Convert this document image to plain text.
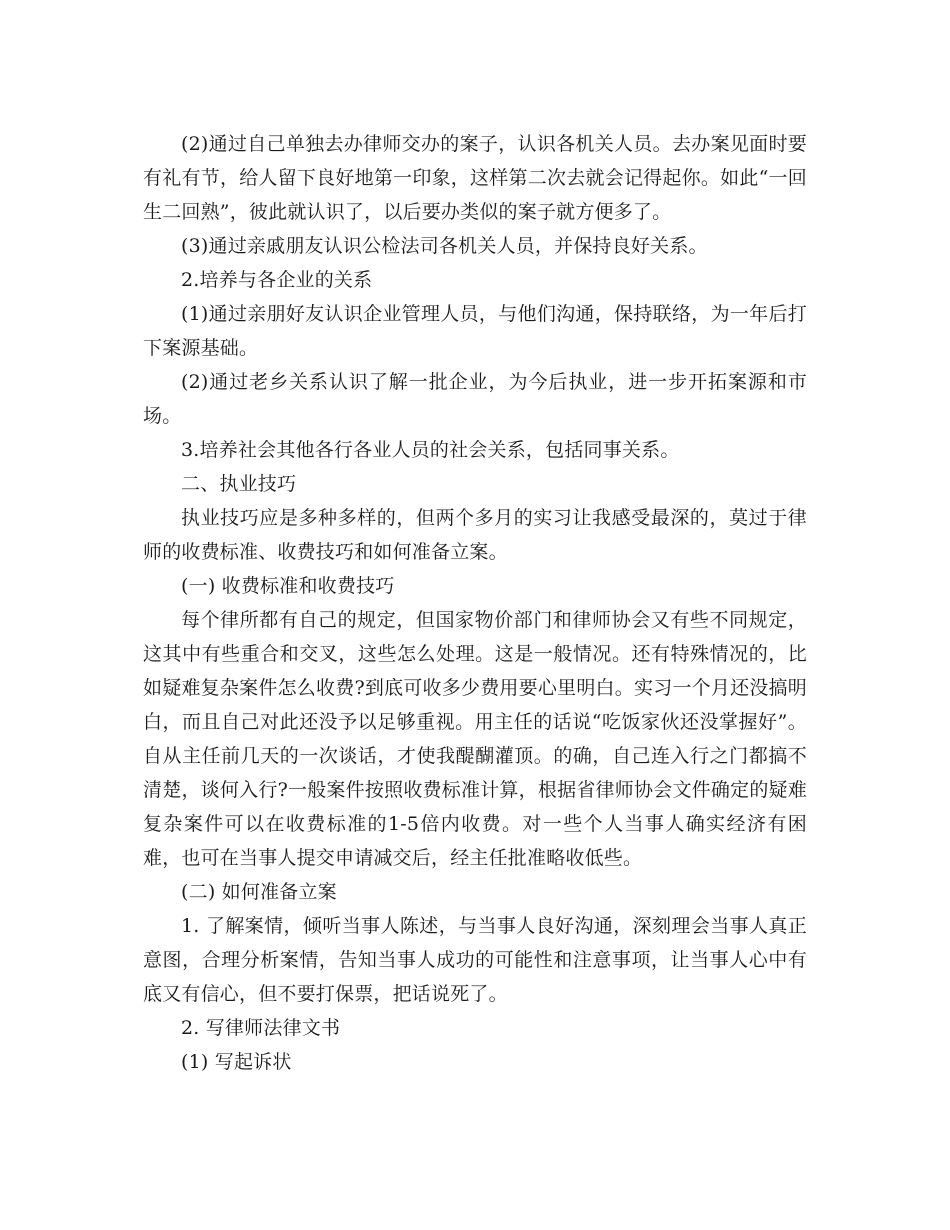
(2)通过自己单独去办律师交办的案子，认识各机关人员。去办案见面时要有礼有节，给人留下良好地第一印象，这样第二次去就会记得起你。如此“一回生二回熟”，彼此就认识了，以后要办类似的案子就方便多了。

(3)通过亲戚朋友认识公检法司各机关人员，并保持良好关系。

2.培养与各企业的关系

(1)通过亲朋好友认识企业管理人员，与他们沟通，保持联络，为一年后打下案源基础。

(2)通过老乡关系认识了解一批企业，为今后执业，进一步开拓案源和市场。

3.培养社会其他各行各业人员的社会关系，包括同事关系。

二、执业技巧

执业技巧应是多种多样的，但两个多月的实习让我感受最深的，莫过于律师的收费标准、收费技巧和如何准备立案。

(一) 收费标准和收费技巧

每个律所都有自己的规定，但国家物价部门和律师协会又有些不同规定，这其中有些重合和交叉，这些怎么处理。这是一般情况。还有特殊情况的，比如疑难复杂案件怎么收费?到底可收多少费用要心里明白。实习一个月还没搞明白，而且自己对此还没予以足够重视。用主任的话说“吃饭家伙还没掌握好”。自从主任前几天的一次谈话，才使我醍醐灌顶。的确，自己连入行之门都搞不清楚，谈何入行?一般案件按照收费标准计算，根据省律师协会文件确定的疑难复杂案件可以在收费标准的1-5倍内收费。对一些个人当事人确实经济有困难，也可在当事人提交申请减交后，经主任批准略收低些。

(二) 如何准备立案

1. 了解案情，倾听当事人陈述，与当事人良好沟通，深刻理会当事人真正意图，合理分析案情，告知当事人成功的可能性和注意事项，让当事人心中有底又有信心，但不要打保票，把话说死了。

2. 写律师法律文书

(1) 写起诉状
